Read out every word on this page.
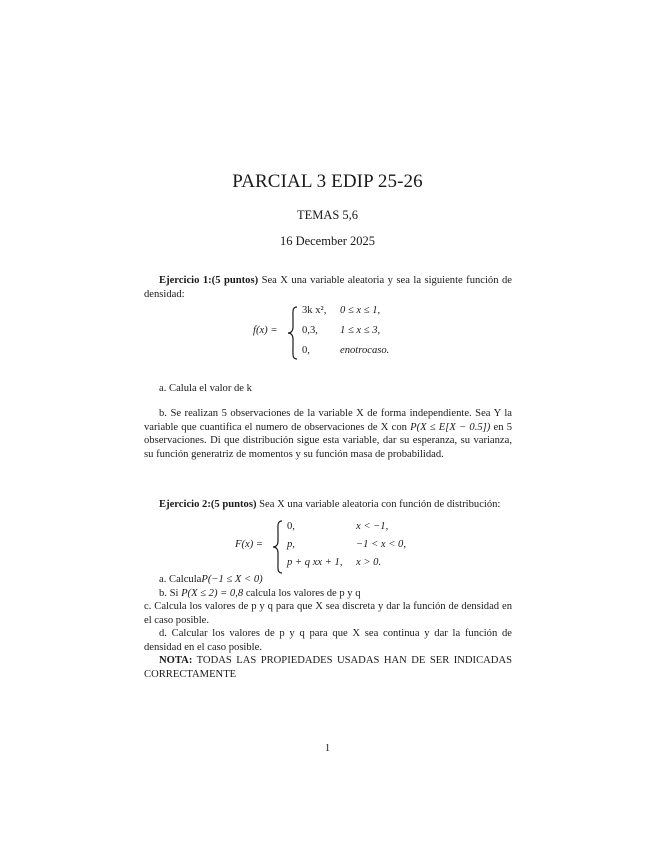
PARCIAL 3 EDIP 25-26
TEMAS 5,6
16 December 2025
Ejercicio 1:(5 puntos) Sea X una variable aleatoria y sea la siguiente función de densidad:
f(x) =
3k x², 0 ≤ x ≤ 1,
0,3, 1 ≤ x ≤ 3,
0,	enotrocaso.
a. Calula el valor de k
b. Se realizan 5 observaciones de la variable X de forma independiente. Sea Y la variable que cuantifica el numero de observaciones de X con P(X ≤ E[X − 0.5]) en 5 observaciones. Di que distribución sigue esta variable, dar su esperanza, su varianza, su función generatriz de momentos y su función masa de probabilidad.
Ejercicio 2:(5 puntos) Sea X una variable aleatoria con función de distribución:
F(x) =
0,	x < −1,
p,	−1 < x < 0,
p + q xx + 1, x > 0.
a. CalculaP(−1 ≤ X < 0)
b. Si P(X ≤ 2) = 0,8 calcula los valores de p y q
c. Calcula los valores de p y q para que X sea discreta y dar la función de densidad en el caso posible.
d. Calcular los valores de p y q para que X sea continua y dar la función de densidad en el caso posible.
NOTA: TODAS LAS PROPIEDADES USADAS HAN DE SER INDICADAS CORRECTAMENTE
1
